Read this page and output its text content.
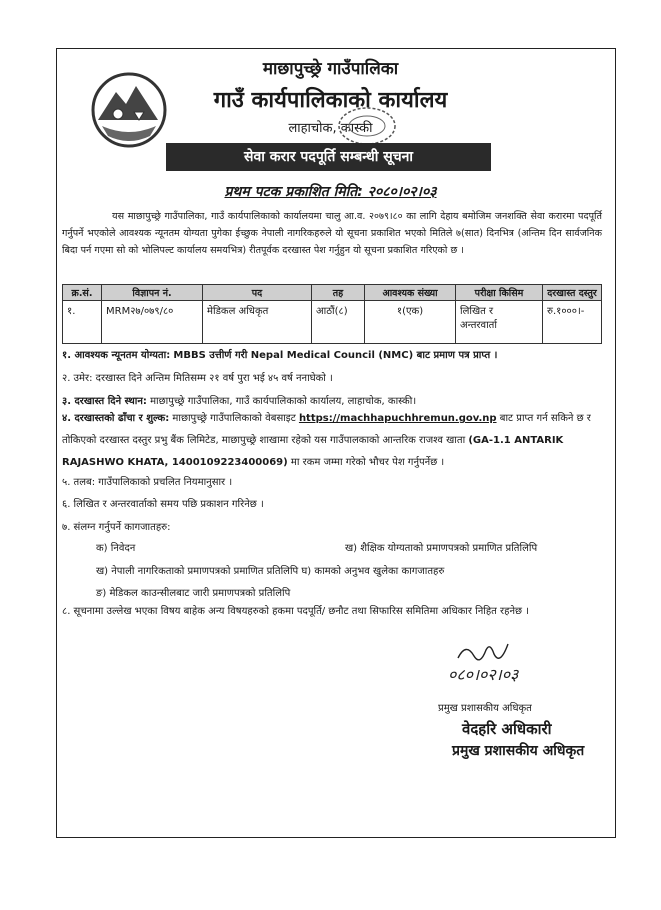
माछापुच्छ्रे गाउँपालिका
गाउँ कार्यपालिकाको कार्यालय
लाहाचोक, कास्की
सेवा करार पदपूर्ति सम्बन्धी सूचना
प्रथम पटक प्रकाशित मिति: २०८०।०२।०३
यस माछापुच्छ्रे गाउँपालिका, गाउँ कार्यपालिकाको कार्यालयमा चालु आ.व. २०७९।८० का लागि देहाय बमोजिम जनशक्ति सेवा करारमा पदपूर्ति गर्नुपर्ने भएकोले आवश्यक न्यूनतम योग्यता पुगेका ईच्छुक नेपाली नागरिकहरुले यो सूचना प्रकाशित भएको मितिले ७(सात) दिनभित्र (अन्तिम दिन सार्वजनिक बिदा पर्न गएमा सो को भोलिपल्ट कार्यालय समयभित्र) रीतपूर्वक दरखास्त पेश गर्नुहुन यो सूचना प्रकाशित गरिएको छ ।
क्र.सं.	विज्ञापन नं.	पद	तह	आवश्यक संख्या	परीक्षा किसिम	दरखास्त दस्तुर
१.	MRM२७/०७९/८०	मेडिकल अधिकृत	आठौं(८)	१(एक)	लिखित र
अन्तरवार्ता	रु.१०००।-
१. आवश्यक न्यूनतम योग्यता: MBBS उत्तीर्ण गरी Nepal Medical Council (NMC) बाट प्रमाण पत्र प्राप्त ।
२. उमेर: दरखास्त दिने अन्तिम मितिसम्म २१ वर्ष पुरा भई ४५ वर्ष ननाघेको ।
३. दरखास्त दिने स्थान: माछापुच्छ्रे गाउँपालिका, गाउँ कार्यपालिकाको कार्यालय, लाहाचोक, कास्की।
४. दरखास्तको ढाँचा र शुल्क: माछापुच्छ्रे गाउँपालिकाको वेबसाइट https://machhapuchhremun.gov.np बाट प्राप्त गर्न सकिने छ र तोकिएको दरखास्त दस्तुर प्रभु बैंक लिमिटेड, माछापुच्छ्रे शाखामा रहेको यस गाउँपालकाको आन्तरिक राजश्व खाता (GA-1.1 ANTARIK RAJASHWO KHATA, 1400109223400069) मा रकम जम्मा गरेको भौचर पेश गर्नुपर्नेछ ।
५. तलब: गाउँपालिकाको प्रचलित नियमानुसार ।
६. लिखित र अन्तरवार्ताको समय पछि प्रकाशन गरिनेछ ।
७. संलग्न गर्नुपर्ने कागजातहरु:
क) निवेदन	ख) शैक्षिक योग्यताको प्रमाणपत्रको प्रमाणित प्रतिलिपि
ख) नेपाली नागरिकताको प्रमाणपत्रको प्रमाणित प्रतिलिपि घ) कामको अनुभव खुलेका कागजातहरु
ङ) मेडिकल काउन्सीलबाट जारी प्रमाणपत्रको प्रतिलिपि
८. सूचनामा उल्लेख भएका विषय बाहेक अन्य विषयहरुको हकमा पदपूर्ति/ छनौट तथा सिफारिस समितिमा अधिकार निहित रहनेछ ।
०८०।०२।०३
प्रमुख प्रशासकीय अधिकृत
वेदहरि अधिकारी
प्रमुख प्रशासकीय अधिकृत
